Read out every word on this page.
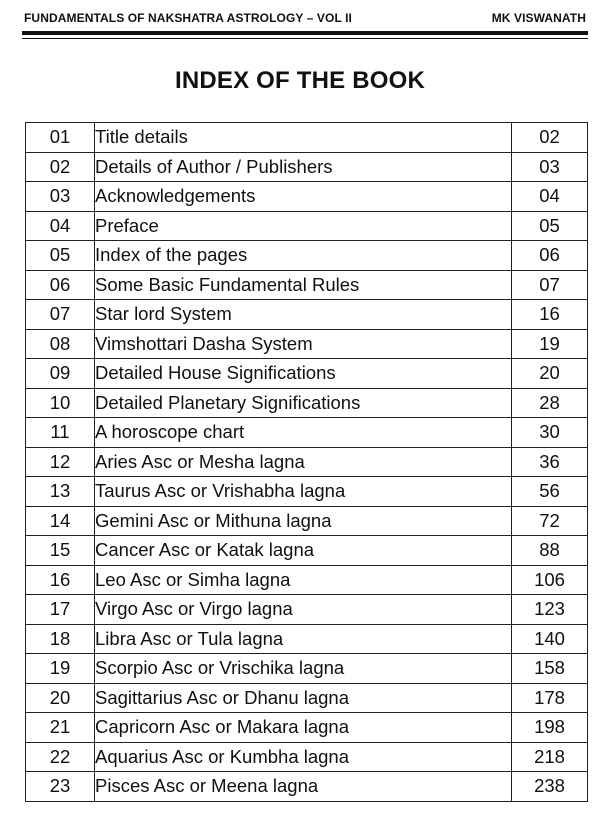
FUNDAMENTALS OF NAKSHATRA ASTROLOGY – VOL II	MK VISWANATH
INDEX OF THE BOOK
01	Title details	02
02	Details of Author / Publishers	03
03	Acknowledgements	04
04	Preface	05
05	Index of the pages	06
06	Some Basic Fundamental Rules	07
07	Star lord System	16
08	Vimshottari Dasha System	19
09	Detailed House Significations	20
10	Detailed Planetary Significations	28
11	A horoscope chart	30
12	Aries Asc or Mesha lagna	36
13	Taurus Asc or Vrishabha lagna	56
14	Gemini Asc or Mithuna lagna	72
15	Cancer Asc or Katak lagna	88
16	Leo Asc or Simha lagna	106
17	Virgo Asc or Virgo lagna	123
18	Libra Asc or Tula lagna	140
19	Scorpio Asc or Vrischika lagna	158
20	Sagittarius Asc or Dhanu lagna	178
21	Capricorn Asc or Makara lagna	198
22	Aquarius Asc or Kumbha lagna	218
23	Pisces Asc or Meena lagna	238
